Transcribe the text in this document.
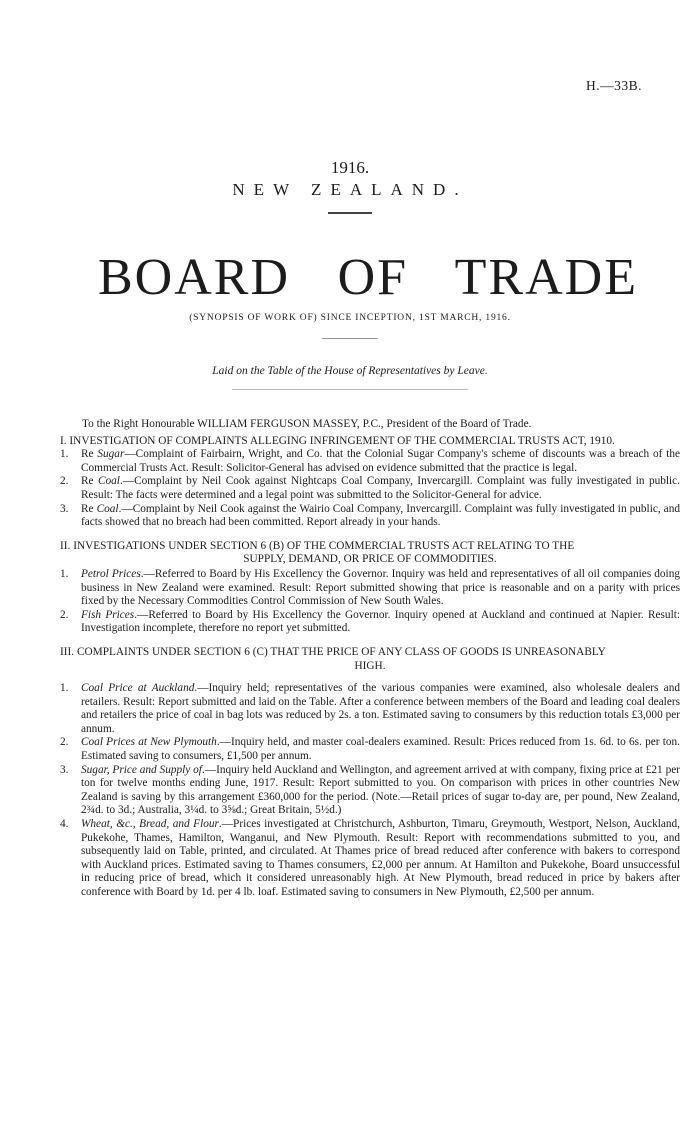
H.—33B.
1916.
NEW ZEALAND.
BOARD OF TRADE
(SYNOPSIS OF WORK OF) SINCE INCEPTION, 1ST MARCH, 1916.
Laid on the Table of the House of Representatives by Leave.

To the Right Honourable WILLIAM FERGUSON MASSEY, P.C., President of the Board of Trade.

I. INVESTIGATION OF COMPLAINTS ALLEGING INFRINGEMENT OF THE COMMERCIAL TRUSTS ACT, 1910.

1. Re Sugar—Complaint of Fairbairn, Wright, and Co. that the Colonial Sugar Company's scheme of discounts was a breach of the Commercial Trusts Act. Result: Solicitor-General has advised on evidence submitted that the practice is legal.

2. Re Coal.—Complaint by Neil Cook against Nightcaps Coal Company, Invercargill. Complaint was fully investigated in public. Result: The facts were determined and a legal point was submitted to the Solicitor-General for advice.

3. Re Coal.—Complaint by Neil Cook against the Wairio Coal Company, Invercargill. Complaint was fully investigated in public, and facts showed that no breach had been committed. Report already in your hands.

II. INVESTIGATIONS UNDER SECTION 6 (B) OF THE COMMERCIAL TRUSTS ACT RELATING TO THE

SUPPLY, DEMAND, OR PRICE OF COMMODITIES.

1. Petrol Prices.—Referred to Board by His Excellency the Governor. Inquiry was held and representatives of all oil companies doing business in New Zealand were examined. Result: Report submitted showing that price is reasonable and on a parity with prices fixed by the Necessary Commodities Control Commission of New South Wales.

2. Fish Prices.—Referred to Board by His Excellency the Governor. Inquiry opened at Auckland and continued at Napier. Result: Investigation incomplete, therefore no report yet submitted.

III. COMPLAINTS UNDER SECTION 6 (C) THAT THE PRICE OF ANY CLASS OF GOODS IS UNREASONABLY

HIGH.

1. Coal Price at Auckland.—Inquiry held; representatives of the various companies were examined, also wholesale dealers and retailers. Result: Report submitted and laid on the Table. After a conference between members of the Board and leading coal dealers and retailers the price of coal in bag lots was reduced by 2s. a ton. Estimated saving to consumers by this reduction totals £3,000 per annum.

2. Coal Prices at New Plymouth.—Inquiry held, and master coal-dealers examined. Result: Prices reduced from 1s. 6d. to 6s. per ton. Estimated saving to consumers, £1,500 per annum.

3. Sugar, Price and Supply of.—Inquiry held Auckland and Wellington, and agreement arrived at with company, fixing price at £21 per ton for twelve months ending June, 1917. Result: Report submitted to you. On comparison with prices in other countries New Zealand is saving by this arrangement £360,000 for the period. (Note.—Retail prices of sugar to-day are, per pound, New Zealand, 2¾d. to 3d.; Australia, 3¼d. to 3⅝d.; Great Britain, 5½d.)

4. Wheat, &c., Bread, and Flour.—Prices investigated at Christchurch, Ashburton, Timaru, Greymouth, Westport, Nelson, Auckland, Pukekohe, Thames, Hamilton, Wanganui, and New Plymouth. Result: Report with recommendations submitted to you, and subsequently laid on Table, printed, and circulated. At Thames price of bread reduced after conference with bakers to correspond with Auckland prices. Estimated saving to Thames consumers, £2,000 per annum. At Hamilton and Pukekohe, Board unsuccessful in reducing price of bread, which it considered unreasonably high. At New Plymouth, bread reduced in price by bakers after conference with Board by 1d. per 4 lb. loaf. Estimated saving to consumers in New Plymouth, £2,500 per annum.
